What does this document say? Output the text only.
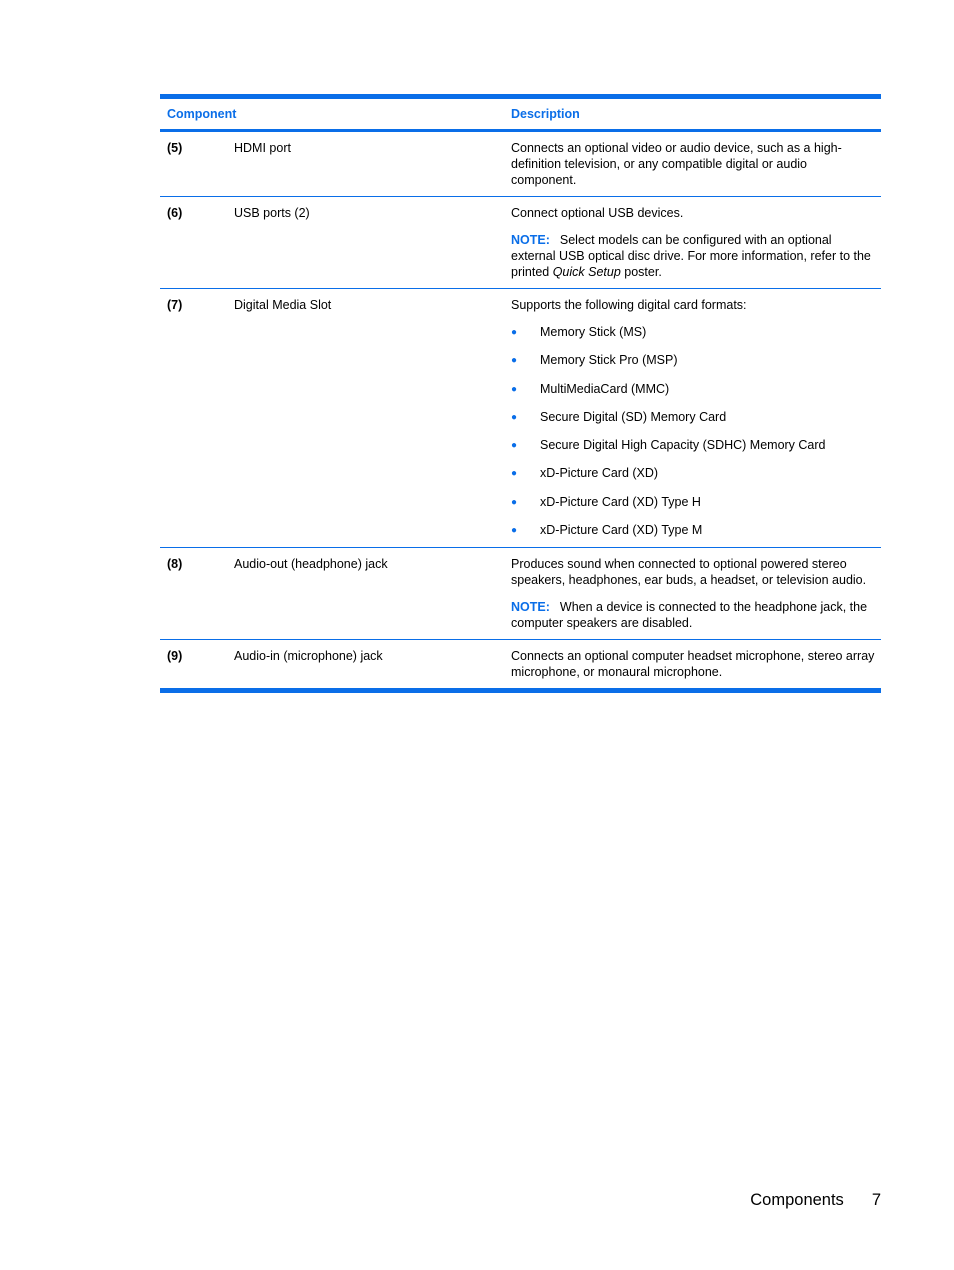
Component	Description
(5)	HDMI port	Connects an optional video or audio device, such as a high-definition television, or any compatible digital or audio component.

(6)	USB ports (2)	Connect optional USB devices.

NOTE: Select models can be configured with an optional external USB optical disc drive. For more information, refer to the printed Quick Setup poster.

(7)	Digital Media Slot	Supports the following digital card formats:

●	Memory Stick (MS)
●	Memory Stick Pro (MSP)
●	MultiMediaCard (MMC)
●	Secure Digital (SD) Memory Card
●	Secure Digital High Capacity (SDHC) Memory Card
●	xD-Picture Card (XD)
●	xD-Picture Card (XD) Type H
●	xD-Picture Card (XD) Type M
(8)	Audio-out (headphone) jack	Produces sound when connected to optional powered stereo speakers, headphones, ear buds, a headset, or television audio.

NOTE: When a device is connected to the headphone jack, the computer speakers are disabled.

(9)	Audio-in (microphone) jack	Connects an optional computer headset microphone, stereo array microphone, or monaural microphone.

Components 7
